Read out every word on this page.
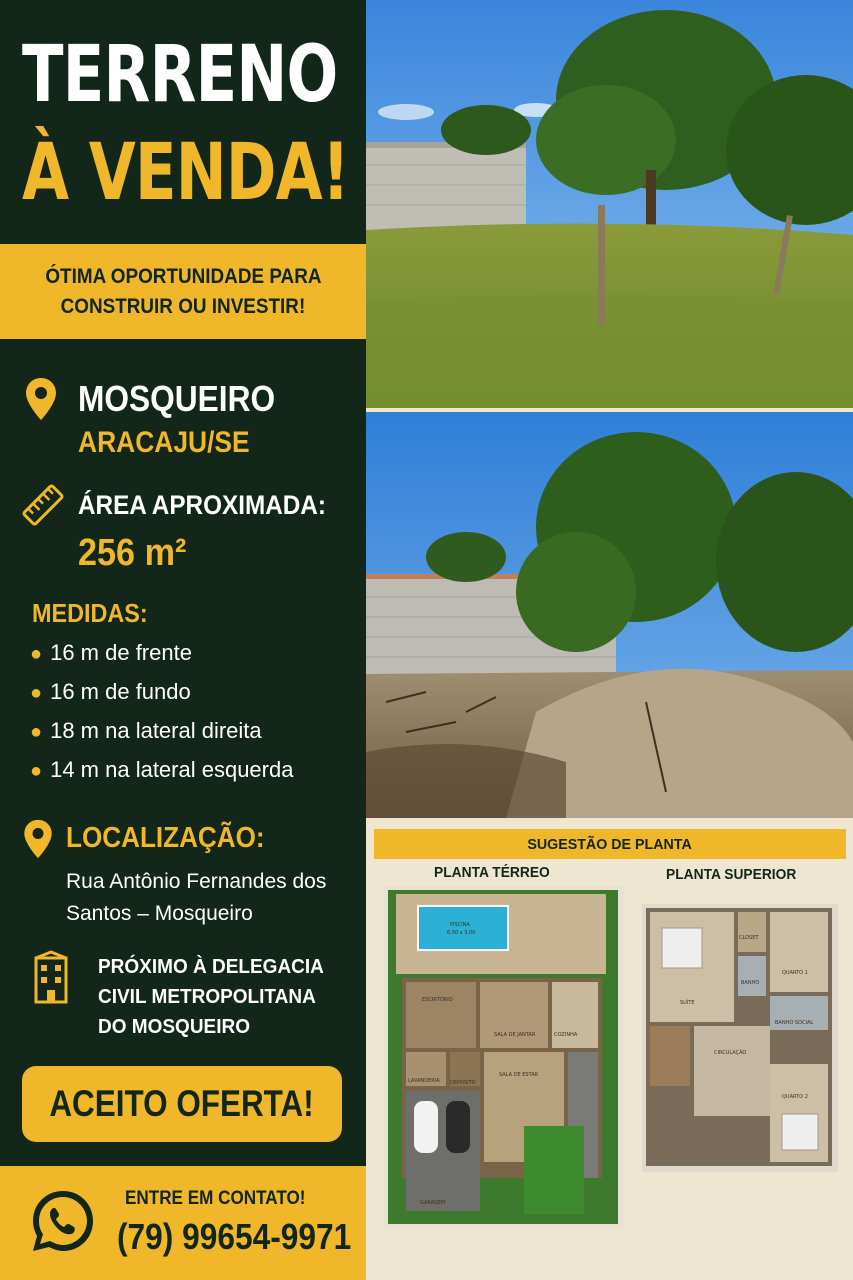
TERRENO
À VENDA!
ÓTIMA OPORTUNIDADE PARA
CONSTRUIR OU INVESTIR!
MOSQUEIRO
ARACAJU/SE
ÁREA APROXIMADA:
256 m²
MEDIDAS:
● 16 m de frente
● 16 m de fundo
● 18 m na lateral direita
● 14 m na lateral esquerda
LOCALIZAÇÃO:
Rua Antônio Fernandes dos Santos – Mosqueiro
PRÓXIMO À DELEGACIA CIVIL METROPOLITANA DO MOSQUEIRO
ACEITO OFERTA!
ENTRE EM CONTATO!
(79) 99654-9971
SUGESTÃO DE PLANTA
PLANTA TÉRREO	PLANTA SUPERIOR
PISCINA
6,00 x 3,00
ESCRITÓRIO
SALA DE JANTAR	COZINHA
LAVANDERIA DEPÓSITO
SALA DE ESTAR
GARAGEM
SUÍTE
CLOSET
QUARTO 1
BANHO
BANHO SOCIAL
CIRCULAÇÃO
QUARTO 2
